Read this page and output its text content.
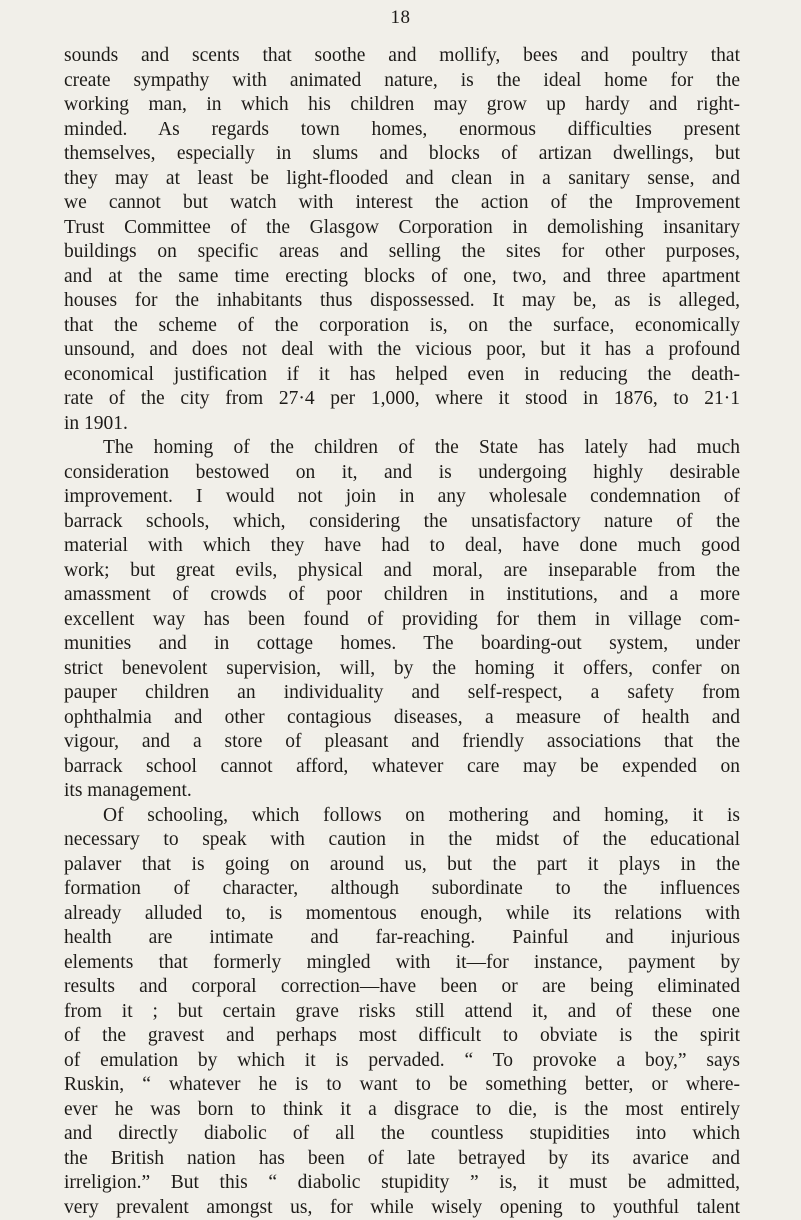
18
sounds and scents that soothe and mollify, bees and poultry that
create sympathy with animated nature, is the ideal home for the
working man, in which his children may grow up hardy and right-
minded. As regards town homes, enormous difficulties present
themselves, especially in slums and blocks of artizan dwellings, but
they may at least be light-flooded and clean in a sanitary sense, and
we cannot but watch with interest the action of the Improvement
Trust Committee of the Glasgow Corporation in demolishing insanitary
buildings on specific areas and selling the sites for other purposes,
and at the same time erecting blocks of one, two, and three apartment
houses for the inhabitants thus dispossessed. It may be, as is alleged,
that the scheme of the corporation is, on the surface, economically
unsound, and does not deal with the vicious poor, but it has a profound
economical justification if it has helped even in reducing the death-
rate of the city from 27·4 per 1,000, where it stood in 1876, to 21·1
in 1901.
The homing of the children of the State has lately had much
consideration bestowed on it, and is undergoing highly desirable
improvement. I would not join in any wholesale condemnation of
barrack schools, which, considering the unsatisfactory nature of the
material with which they have had to deal, have done much good
work; but great evils, physical and moral, are inseparable from the
amassment of crowds of poor children in institutions, and a more
excellent way has been found of providing for them in village com-
munities and in cottage homes. The boarding-out system, under
strict benevolent supervision, will, by the homing it offers, confer on
pauper children an individuality and self-respect, a safety from
ophthalmia and other contagious diseases, a measure of health and
vigour, and a store of pleasant and friendly associations that the
barrack school cannot afford, whatever care may be expended on
its management.
Of schooling, which follows on mothering and homing, it is
necessary to speak with caution in the midst of the educational
palaver that is going on around us, but the part it plays in the
formation of character, although subordinate to the influences
already alluded to, is momentous enough, while its relations with
health are intimate and far-reaching. Painful and injurious
elements that formerly mingled with it—for instance, payment by
results and corporal correction—have been or are being eliminated
from it ; but certain grave risks still attend it, and of these one
of the gravest and perhaps most difficult to obviate is the spirit
of emulation by which it is pervaded. “ To provoke a boy,” says
Ruskin, “ whatever he is to want to be something better, or where-
ever he was born to think it a disgrace to die, is the most entirely
and directly diabolic of all the countless stupidities into which
the British nation has been of late betrayed by its avarice and
irreligion.” But this “ diabolic stupidity ” is, it must be admitted,
very prevalent amongst us, for while wisely opening to youthful talent
